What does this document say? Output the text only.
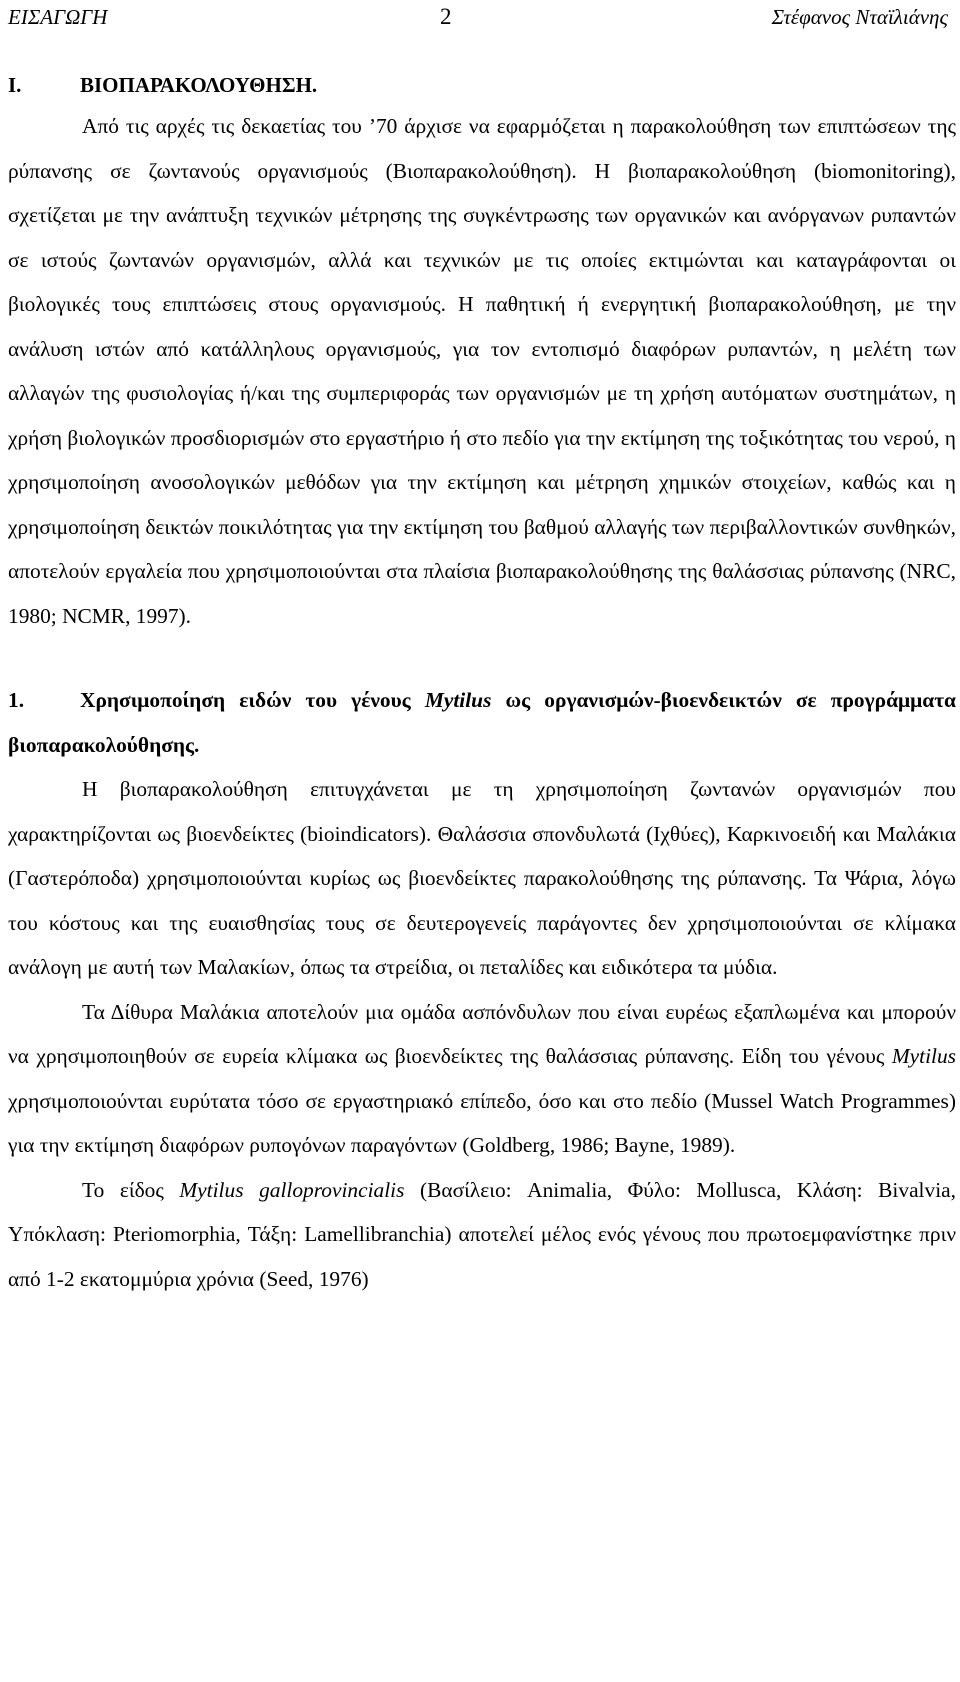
ΕΙΣΑΓΩΓΗ	2	Στέφανος Νταϊλιάνης
Ι.	ΒΙΟΠΑΡΑΚΟΛΟΥΘΗΣΗ.

Από τις αρχές τις δεκαετίας του ’70 άρχισε να εφαρμόζεται η παρακολούθηση των επιπτώσεων της ρύπανσης σε ζωντανούς οργανισμούς (Βιοπαρακολούθηση). Η βιοπαρακολούθηση (biomonitoring), σχετίζεται με την ανάπτυξη τεχνικών μέτρησης της συγκέντρωσης των οργανικών και ανόργανων ρυπαντών σε ιστούς ζωντανών οργανισμών, αλλά και τεχνικών με τις οποίες εκτιμώνται και καταγράφονται οι βιολογικές τους επιπτώσεις στους οργανισμούς. Η παθητική ή ενεργητική βιοπαρακολούθηση, με την ανάλυση ιστών από κατάλληλους οργανισμούς, για τον εντοπισμό διαφόρων ρυπαντών, η μελέτη των αλλαγών της φυσιολογίας ή/και της συμπεριφοράς των οργανισμών με τη χρήση αυτόματων συστημάτων, η χρήση βιολογικών προσδιορισμών στο εργαστήριο ή στο πεδίο για την εκτίμηση της τοξικότητας του νερού, η χρησιμοποίηση ανοσολογικών μεθόδων για την εκτίμηση και μέτρηση χημικών στοιχείων, καθώς και η χρησιμοποίηση δεικτών ποικιλότητας για την εκτίμηση του βαθμού αλλαγής των περιβαλλοντικών συνθηκών, αποτελούν εργαλεία που χρησιμοποιούνται στα πλαίσια βιοπαρακολούθησης της θαλάσσιας ρύπανσης (NRC, 1980; NCMR, 1997).

1.	Χρησιμοποίηση ειδών του γένους Mytilus ως οργανισμών-βιοενδεικτών σε προγράμματα βιοπαρακολούθησης.

Η βιοπαρακολούθηση επιτυγχάνεται με τη χρησιμοποίηση ζωντανών οργανισμών που χαρακτηρίζονται ως βιοενδείκτες (bioindicators). Θαλάσσια σπονδυλωτά (Ιχθύες), Καρκινοειδή και Μαλάκια (Γαστερόποδα) χρησιμοποιούνται κυρίως ως βιοενδείκτες παρακολούθησης της ρύπανσης. Τα Ψάρια, λόγω του κόστους και της ευαισθησίας τους σε δευτερογενείς παράγοντες δεν χρησιμοποιούνται σε κλίμακα ανάλογη με αυτή των Μαλακίων, όπως τα στρείδια, οι πεταλίδες και ειδικότερα τα μύδια.

Τα Δίθυρα Μαλάκια αποτελούν μια ομάδα ασπόνδυλων που είναι ευρέως εξαπλωμένα και μπορούν να χρησιμοποιηθούν σε ευρεία κλίμακα ως βιοενδείκτες της θαλάσσιας ρύπανσης. Είδη του γένους Mytilus χρησιμοποιούνται ευρύτατα τόσο σε εργαστηριακό επίπεδο, όσο και στο πεδίο (Mussel Watch Programmes) για την εκτίμηση διαφόρων ρυπογόνων παραγόντων (Goldberg, 1986; Bayne, 1989).

Το είδος Mytilus galloprovincialis (Βασίλειο: Animalia, Φύλο: Mollusca, Κλάση: Bivalvia, Υπόκλαση: Pteriomorphia, Τάξη: Lamellibranchia) αποτελεί μέλος ενός γένους που πρωτοεμφανίστηκε πριν από 1-2 εκατομμύρια χρόνια (Seed, 1976)
